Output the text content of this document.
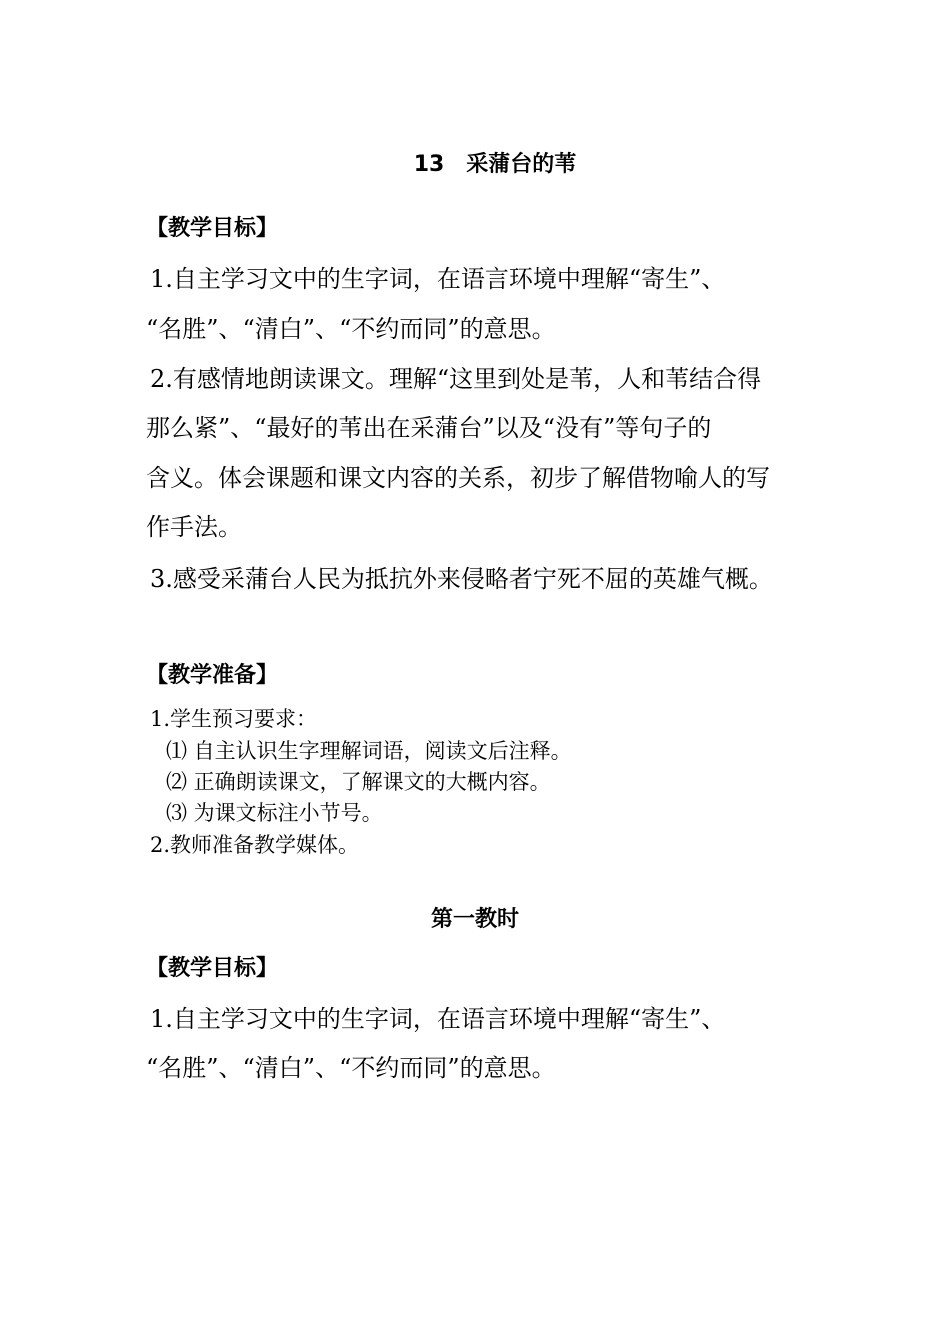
13　采蒲台的苇
【教学目标】
1.自主学习文中的生字词，在语言环境中理解“寄生”、
“名胜”、“清白”、“不约而同”的意思。
2.有感情地朗读课文。理解“这里到处是苇，人和苇结合得
那么紧”、“最好的苇出在采蒲台”以及“没有”等句子的
含义。体会课题和课文内容的关系，初步了解借物喻人的写
作手法。
3.感受采蒲台人民为抵抗外来侵略者宁死不屈的英雄气概。
【教学准备】
1.学生预习要求：
⑴ 自主认识生字理解词语，阅读文后注释。
⑵ 正确朗读课文，了解课文的大概内容。
⑶ 为课文标注小节号。
2.教师准备教学媒体。
第一教时
【教学目标】
1.自主学习文中的生字词，在语言环境中理解“寄生”、
“名胜”、“清白”、“不约而同”的意思。
